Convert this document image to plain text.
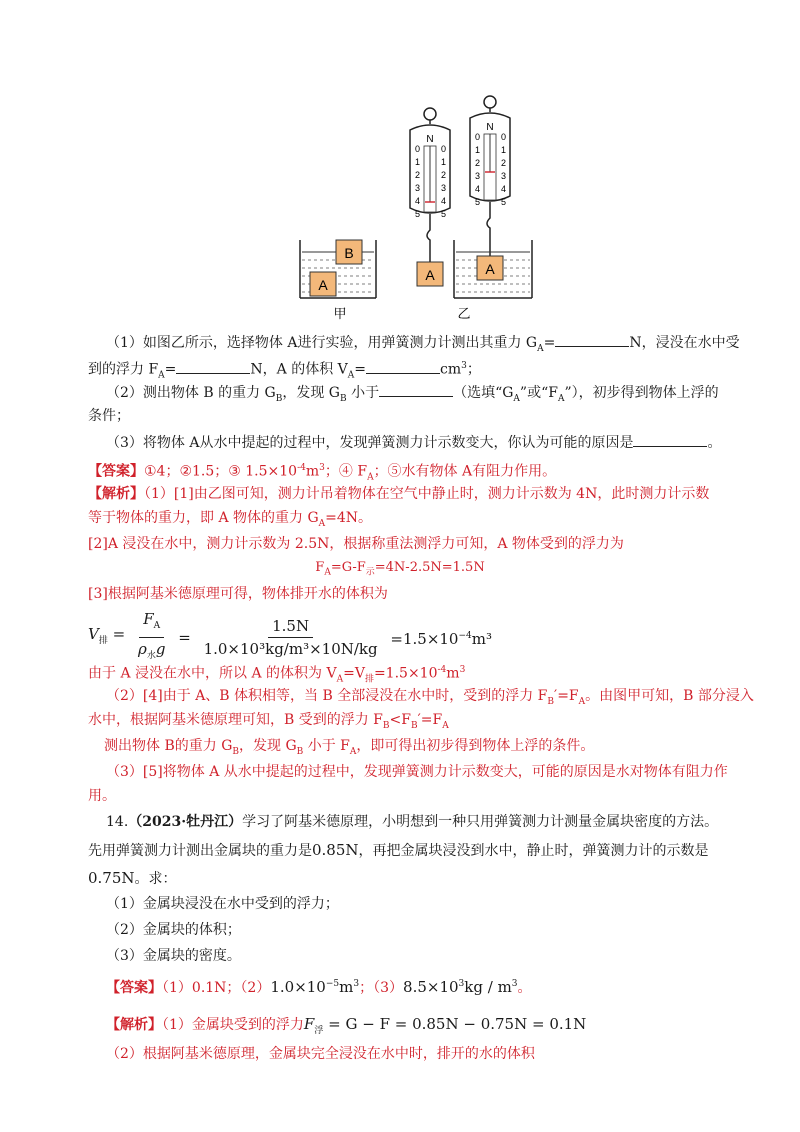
A
B
N
0 0
1 1
2 2
3 3
4 4
5 5
A
N
0 0
1 1
2 2
3 3
4 4
5 5
A
甲	乙
（1）如图乙所示，选择物体 A进行实验，用弹簧测力计测出其重力 $G_A=$	N，浸没在水中受
到的浮力 $F_A=$	N，A 的体积 $V_A=$	$cm^3$；
（2）测出物体 B 的重力 $G_B$，发现 $G_B$ 小于	（选填“$G_A$”或“$F_A$”），初步得到物体上浮的
条件；
（3）将物体 A从水中提起的过程中，发现弹簧测力计示数变大，你认为可能的原因是	。
【答案】①4；②1.5；③ $1.5\times 10^{-4}m^3$；④ $F_A$；⑤水有物体 A有阻力作用。
【解析】（1）[1]由乙图可知，测力计吊着物体在空气中静止时，测力计示数为 4N，此时测力计示数
等于物体的重力，即 A 物体的重力 $G_A=4N$。
[2]A 浸没在水中，测力计示数为 2.5N，根据称重法测浮力可知，A 物体受到的浮力为
$F_A=G-F_示=4N-2.5N=1.5N$
[3]根据阿基米德原理可得，物体排开水的体积为
$V_排 = \frac{F_A}{\rho_水g} = \frac{1.5N}{\text{1.0×10³kg/m³×10N/kg}} =1.5\times 10^{-4}m^3$
由于 A 浸没在水中，所以 A 的体积为 $V_A=V_排=1.5\times 10^{-4}m^3$
（2）[4]由于 A、B 体积相等，当 B 全部浸没在水中时，受到的浮力 $F_B'=F_A$。由图甲可知，B 部分浸入
水中，根据阿基米德原理可知，B 受到的浮力 $F_B<F_B'=F_A$
测出物体 B的重力 $G_B$，发现 $G_B$ 小于 $F_A$，即可得出初步得到物体上浮的条件。
（3）[5]将物体 A 从水中提起的过程中，发现弹簧测力计示数变大，可能的原因是水对物体有阻力作
用。
14.（2023·牡丹江）学习了阿基米德原理，小明想到一种只用弹簧测力计测量金属块密度的方法。
先用弹簧测力计测出金属块的重力是0.85N，再把金属块浸没到水中，静止时，弹簧测力计的示数是
0.75N。求：
（1）金属块浸没在水中受到的浮力；
（2）金属块的体积；
（3）金属块的密度。
【答案】（1）0.1N；$(2)1.0\times 10^{-5}m^3$；$(3)8.5\times 10^3kg / m^3$。
【解析】（1）金属块受到的浮力$F_浮 = G - F = 0.85N - 0.75N = 0.1N$
（2）根据阿基米德原理，金属块完全浸没在水中时，排开的水的体积
